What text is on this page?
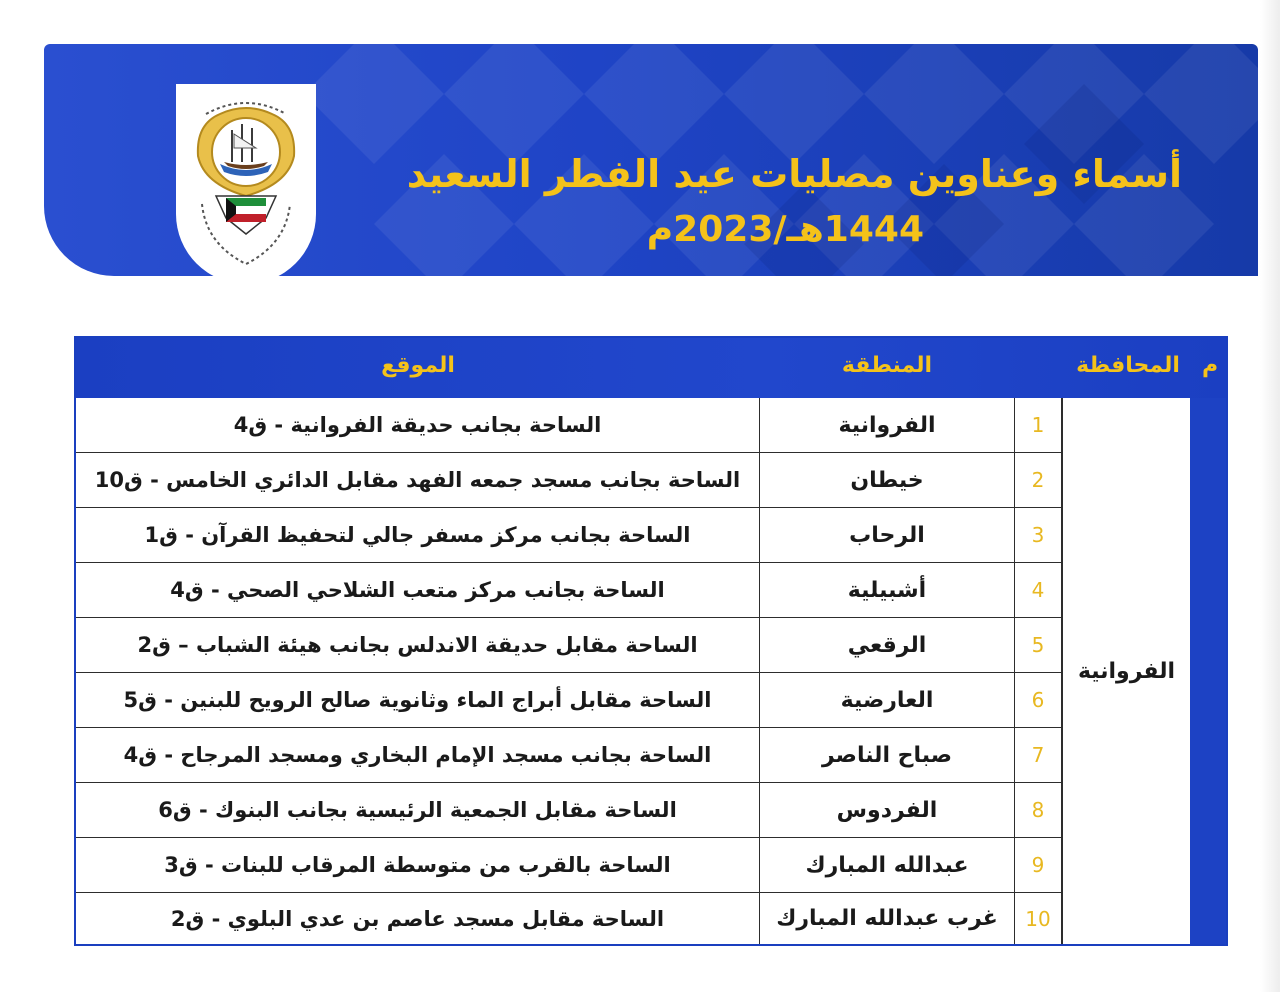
أسماء وعناوين مصليات عيد الفطر السعيد
1444هـ/2023م
م
المحافظة
المنطقة
الموقع
الفروانية
1
الفروانية
الساحة بجانب حديقة الفروانية - ق4
2
خيطان
الساحة بجانب مسجد جمعه الفهد مقابل الدائري الخامس - ق10
3
الرحاب
الساحة بجانب مركز مسفر جالي لتحفيظ القرآن - ق1
4
أشبيلية
الساحة بجانب مركز متعب الشلاحي الصحي - ق4
5
الرقعي
الساحة مقابل حديقة الاندلس بجانب هيئة الشباب – ق2
6
العارضية
الساحة مقابل أبراج الماء وثانوية صالح الرويح للبنين - ق5
7
صباح الناصر
الساحة بجانب مسجد الإمام البخاري ومسجد المرجاح - ق4
8
الفردوس
الساحة مقابل الجمعية الرئيسية بجانب البنوك - ق6
9
عبدالله المبارك
الساحة بالقرب من متوسطة المرقاب للبنات - ق3
10
غرب عبدالله المبارك
الساحة مقابل مسجد عاصم بن عدي البلوي - ق2
